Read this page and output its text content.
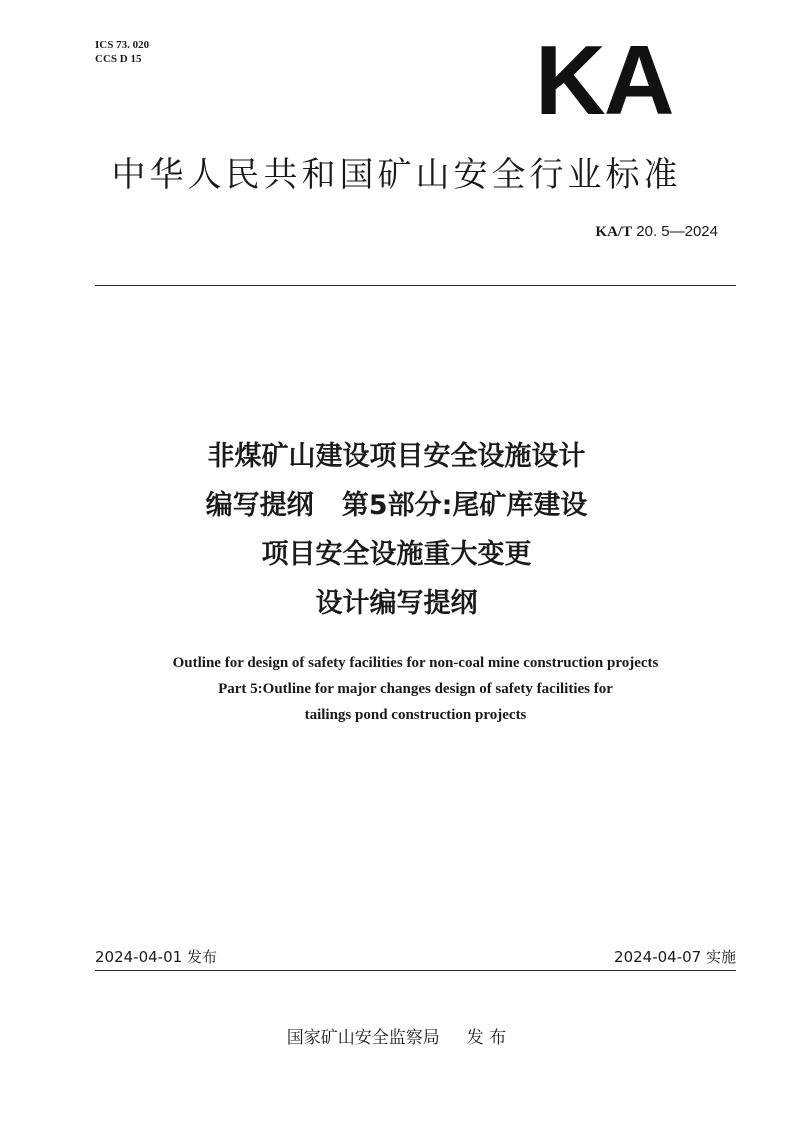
ICS 73. 020
CCS D 15	KA
中华人民共和国矿山安全行业标准
KA/T 20. 5—2024
非煤矿山建设项目安全设施设计
编写提纲   第5部分:尾矿库建设
项目安全设施重大变更
设计编写提纲
Outline for design of safety facilities for non-coal mine construction projects
Part 5:Outline for major changes design of safety facilities for
tailings pond construction projects
2024-04-01 发布	2024-04-07 实施
国家矿山安全监察局     发 布
